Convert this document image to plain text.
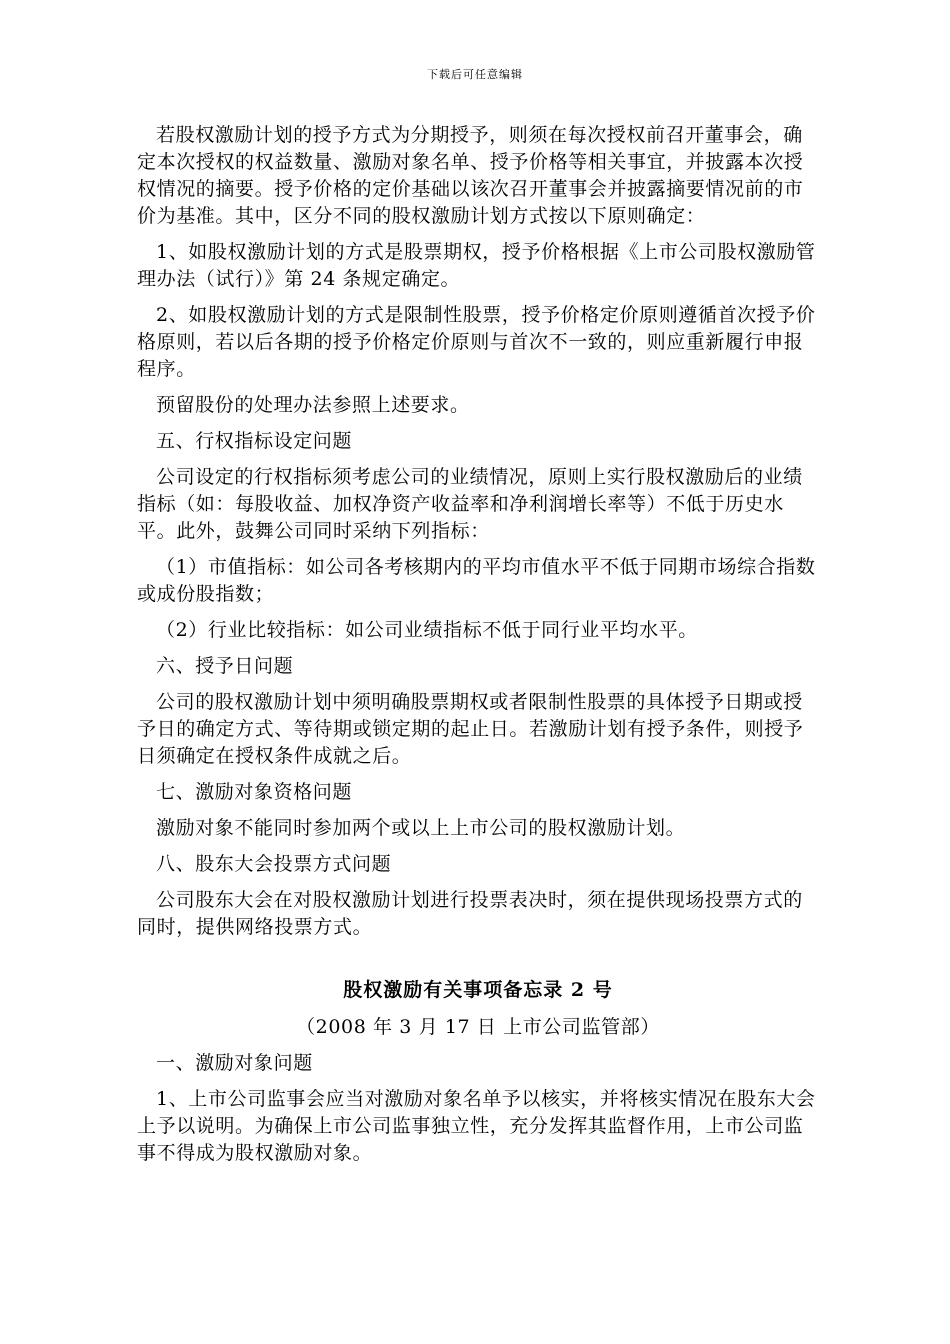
下载后可任意编辑

若股权激励计划的授予方式为分期授予，则须在每次授权前召开董事会，确定本次授权的权益数量、激励对象名单、授予价格等相关事宜，并披露本次授权情况的摘要。授予价格的定价基础以该次召开董事会并披露摘要情况前的市价为基准。其中，区分不同的股权激励计划方式按以下原则确定：

1、如股权激励计划的方式是股票期权，授予价格根据《上市公司股权激励管理办法（试行）》第 24 条规定确定。

2、如股权激励计划的方式是限制性股票，授予价格定价原则遵循首次授予价格原则，若以后各期的授予价格定价原则与首次不一致的，则应重新履行申报程序。

预留股份的处理办法参照上述要求。

五、行权指标设定问题

公司设定的行权指标须考虑公司的业绩情况，原则上实行股权激励后的业绩指标（如：每股收益、加权净资产收益率和净利润增长率等）不低于历史水平。此外，鼓舞公司同时采纳下列指标：

（1）市值指标：如公司各考核期内的平均市值水平不低于同期市场综合指数或成份股指数；

（2）行业比较指标：如公司业绩指标不低于同行业平均水平。

六、授予日问题

公司的股权激励计划中须明确股票期权或者限制性股票的具体授予日期或授予日的确定方式、等待期或锁定期的起止日。若激励计划有授予条件，则授予日须确定在授权条件成就之后。

七、激励对象资格问题

激励对象不能同时参加两个或以上上市公司的股权激励计划。

八、股东大会投票方式问题

公司股东大会在对股权激励计划进行投票表决时，须在提供现场投票方式的同时，提供网络投票方式。

股权激励有关事项备忘录 2 号

（2008 年 3 月 17 日 上市公司监管部）

一、激励对象问题

1、上市公司监事会应当对激励对象名单予以核实，并将核实情况在股东大会上予以说明。为确保上市公司监事独立性，充分发挥其监督作用，上市公司监事不得成为股权激励对象。
